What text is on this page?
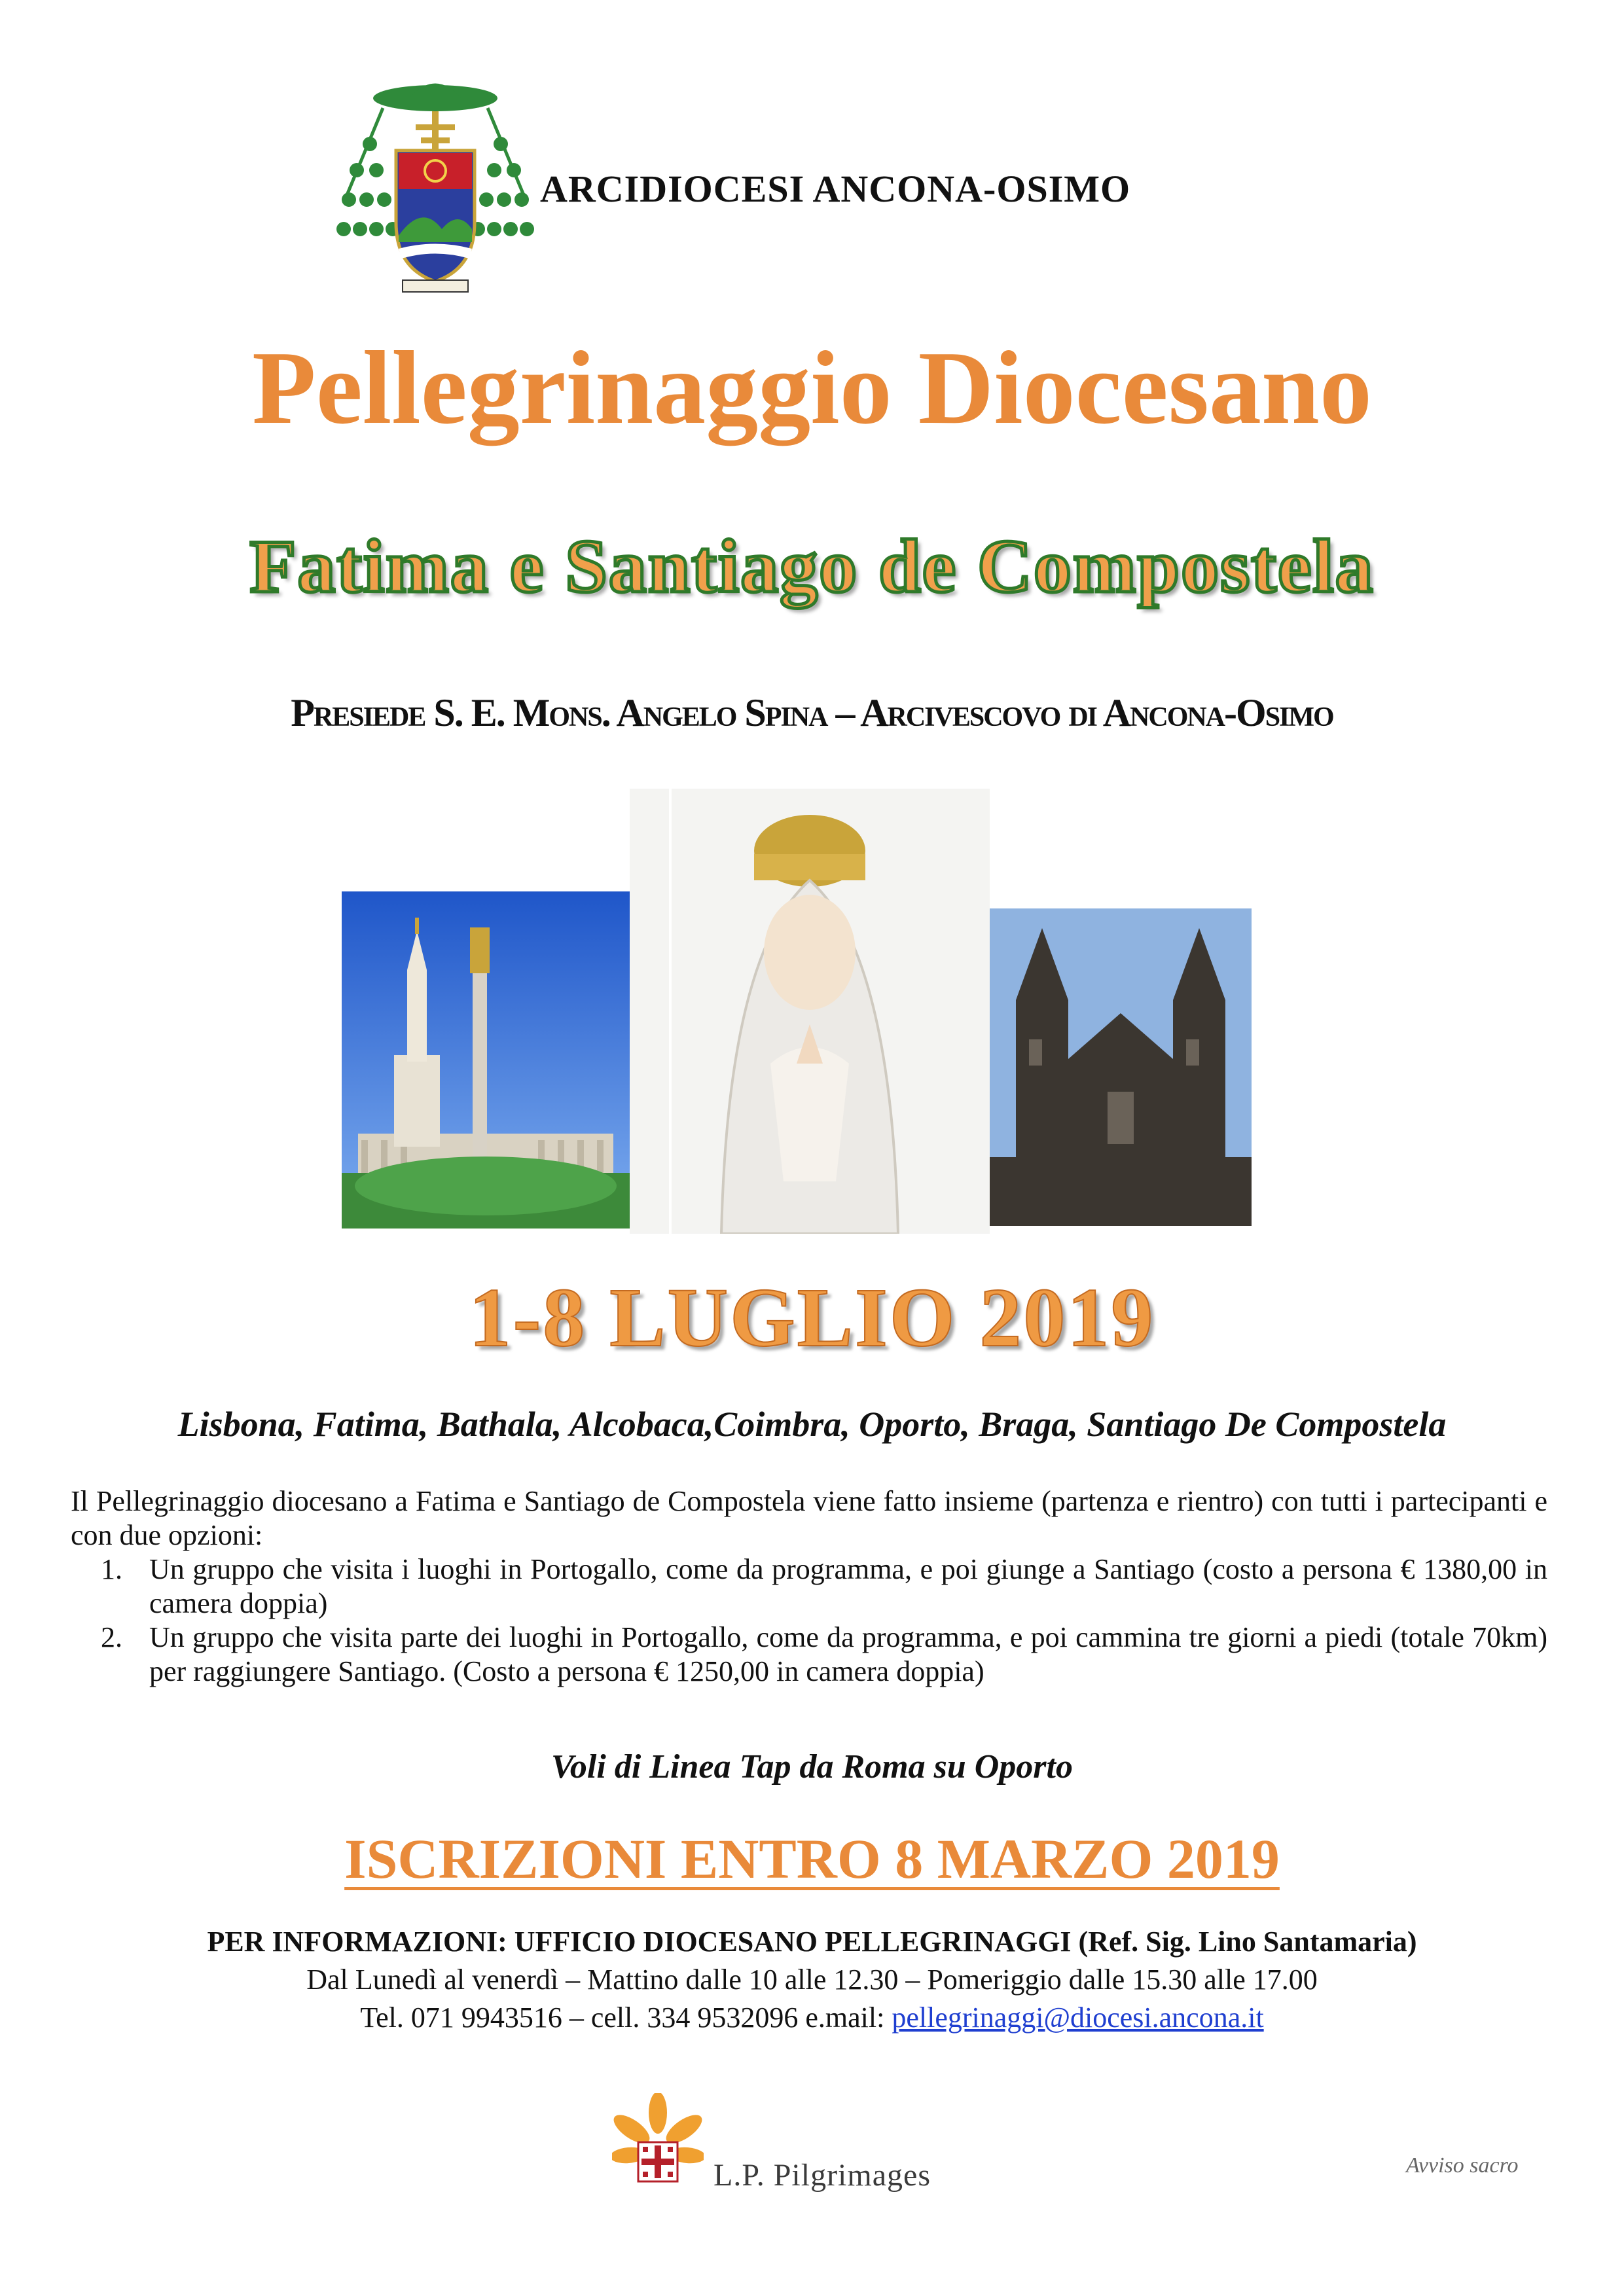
ARCIDIOCESI ANCONA-OSIMO
Pellegrinaggio Diocesano
Fatima e Santiago de Compostela
Presiede S. E. Mons. Angelo Spina – Arcivescovo di Ancona-Osimo
1-8 LUGLIO 2019
Lisbona, Fatima, Bathala, Alcobaca,Coimbra, Oporto, Braga, Santiago De Compostela
Il Pellegrinaggio diocesano a Fatima e Santiago de Compostela viene fatto insieme (partenza e rientro) con tutti i partecipanti e con due opzioni:
1. Un gruppo che visita i luoghi in Portogallo, come da programma, e poi giunge a Santiago (costo a persona € 1380,00 in camera doppia)
2. Un gruppo che visita parte dei luoghi in Portogallo, come da programma, e poi cammina tre giorni a piedi (totale 70km) per raggiungere Santiago. (Costo a persona € 1250,00 in camera doppia)
Voli di Linea Tap da Roma su Oporto
ISCRIZIONI ENTRO 8 MARZO 2019
PER INFORMAZIONI: UFFICIO DIOCESANO PELLEGRINAGGI (Ref. Sig. Lino Santamaria)
Dal Lunedì al venerdì – Mattino dalle 10 alle 12.30 – Pomeriggio dalle 15.30 alle 17.00
Tel. 071 9943516 – cell. 334 9532096 e.mail: pellegrinaggi@diocesi.ancona.it
L.P. Pilgrimages	Avviso sacro
